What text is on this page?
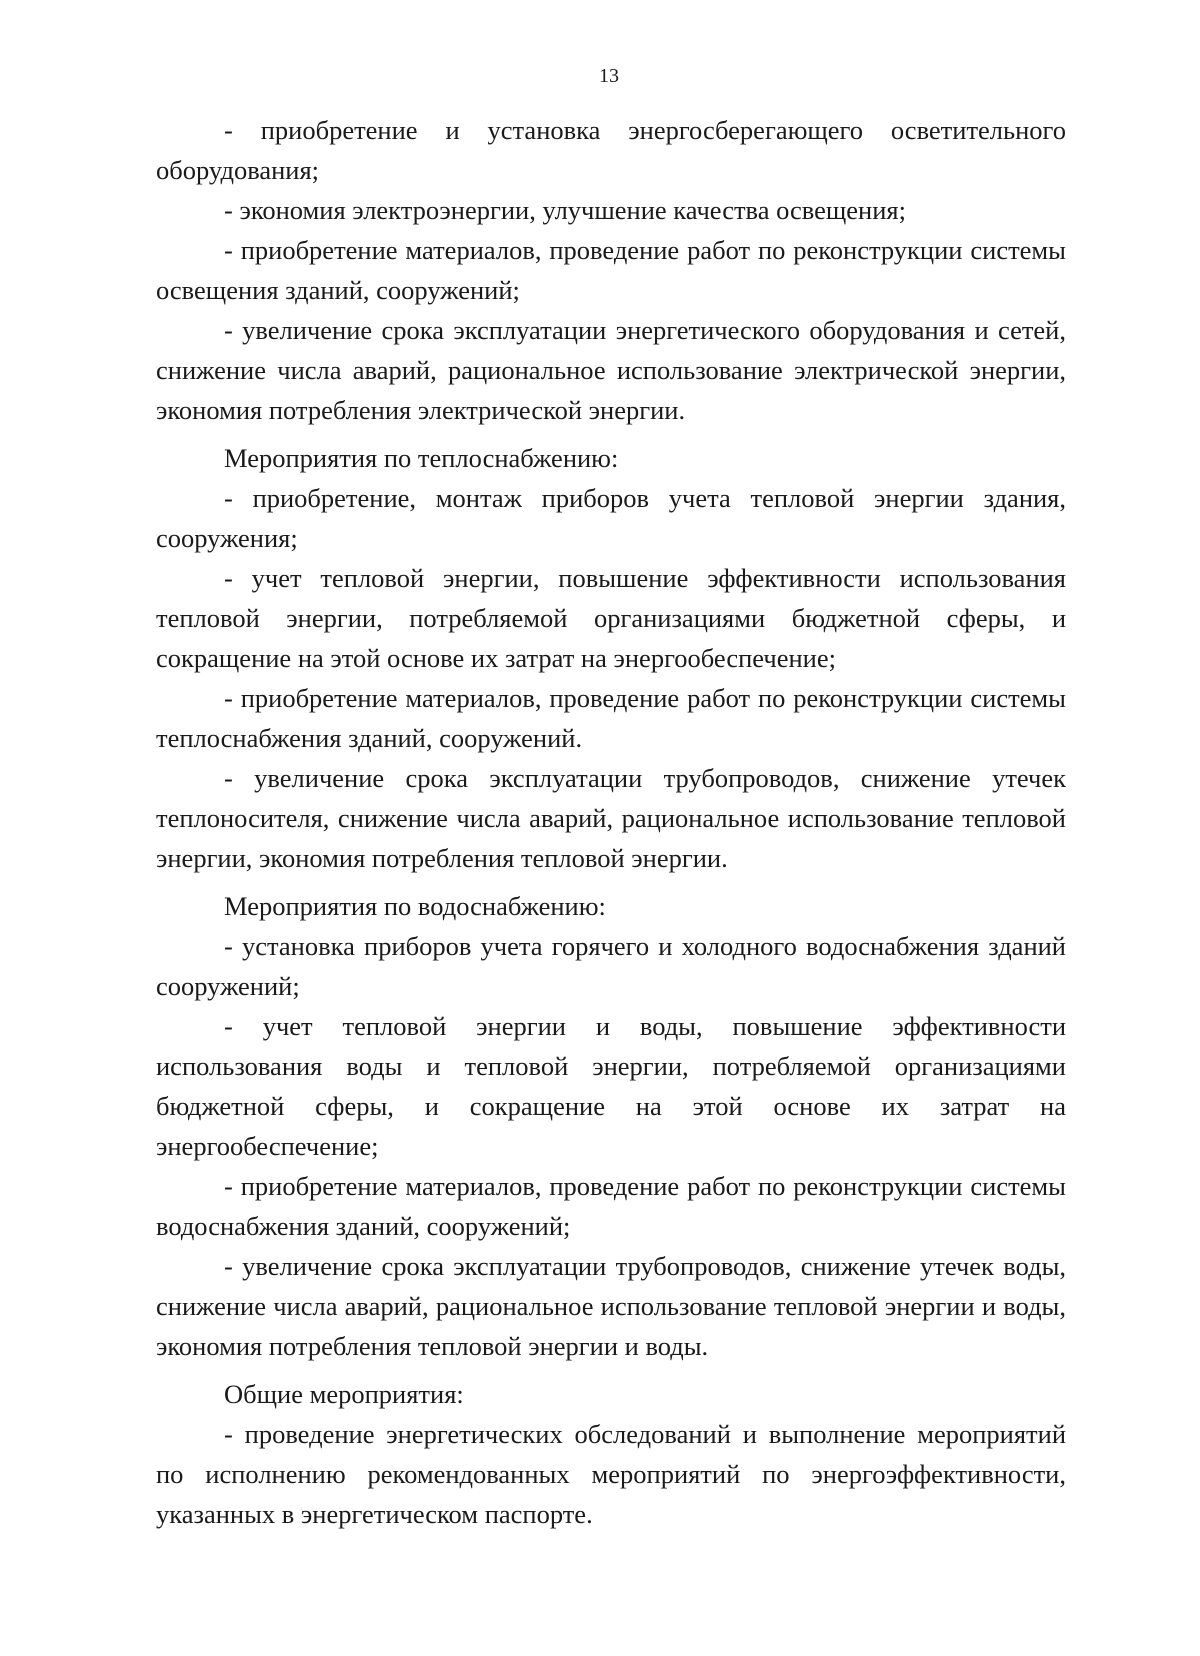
13

- приобретение и установка энергосберегающего осветительного оборудования;

- экономия электроэнергии, улучшение качества освещения;

- приобретение материалов, проведение работ по реконструкции системы освещения зданий, сооружений;

- увеличение срока эксплуатации энергетического оборудования и сетей, снижение числа аварий, рациональное использование электрической энергии, экономия потребления электрической энергии.

Мероприятия по теплоснабжению:

- приобретение, монтаж приборов учета тепловой энергии здания, сооружения;

- учет тепловой энергии, повышение эффективности использования тепловой энергии, потребляемой организациями бюджетной сферы, и сокращение на этой основе их затрат на энергообеспечение;

- приобретение материалов, проведение работ по реконструкции системы теплоснабжения зданий, сооружений.

- увеличение срока эксплуатации трубопроводов, снижение утечек теплоносителя, снижение числа аварий, рациональное использование тепловой энергии, экономия потребления тепловой энергии.

Мероприятия по водоснабжению:

- установка приборов учета горячего и холодного водоснабжения зданий сооружений;

- учет тепловой энергии и воды, повышение эффективности использования воды и тепловой энергии, потребляемой организациями бюджетной сферы, и сокращение на этой основе их затрат на энергообеспечение;

- приобретение материалов, проведение работ по реконструкции системы водоснабжения зданий, сооружений;

- увеличение срока эксплуатации трубопроводов, снижение утечек воды, снижение числа аварий, рациональное использование тепловой энергии и воды, экономия потребления тепловой энергии и воды.

Общие мероприятия:

- проведение энергетических обследований и выполнение мероприятий по исполнению рекомендованных мероприятий по энергоэффективности, указанных в энергетическом паспорте.
